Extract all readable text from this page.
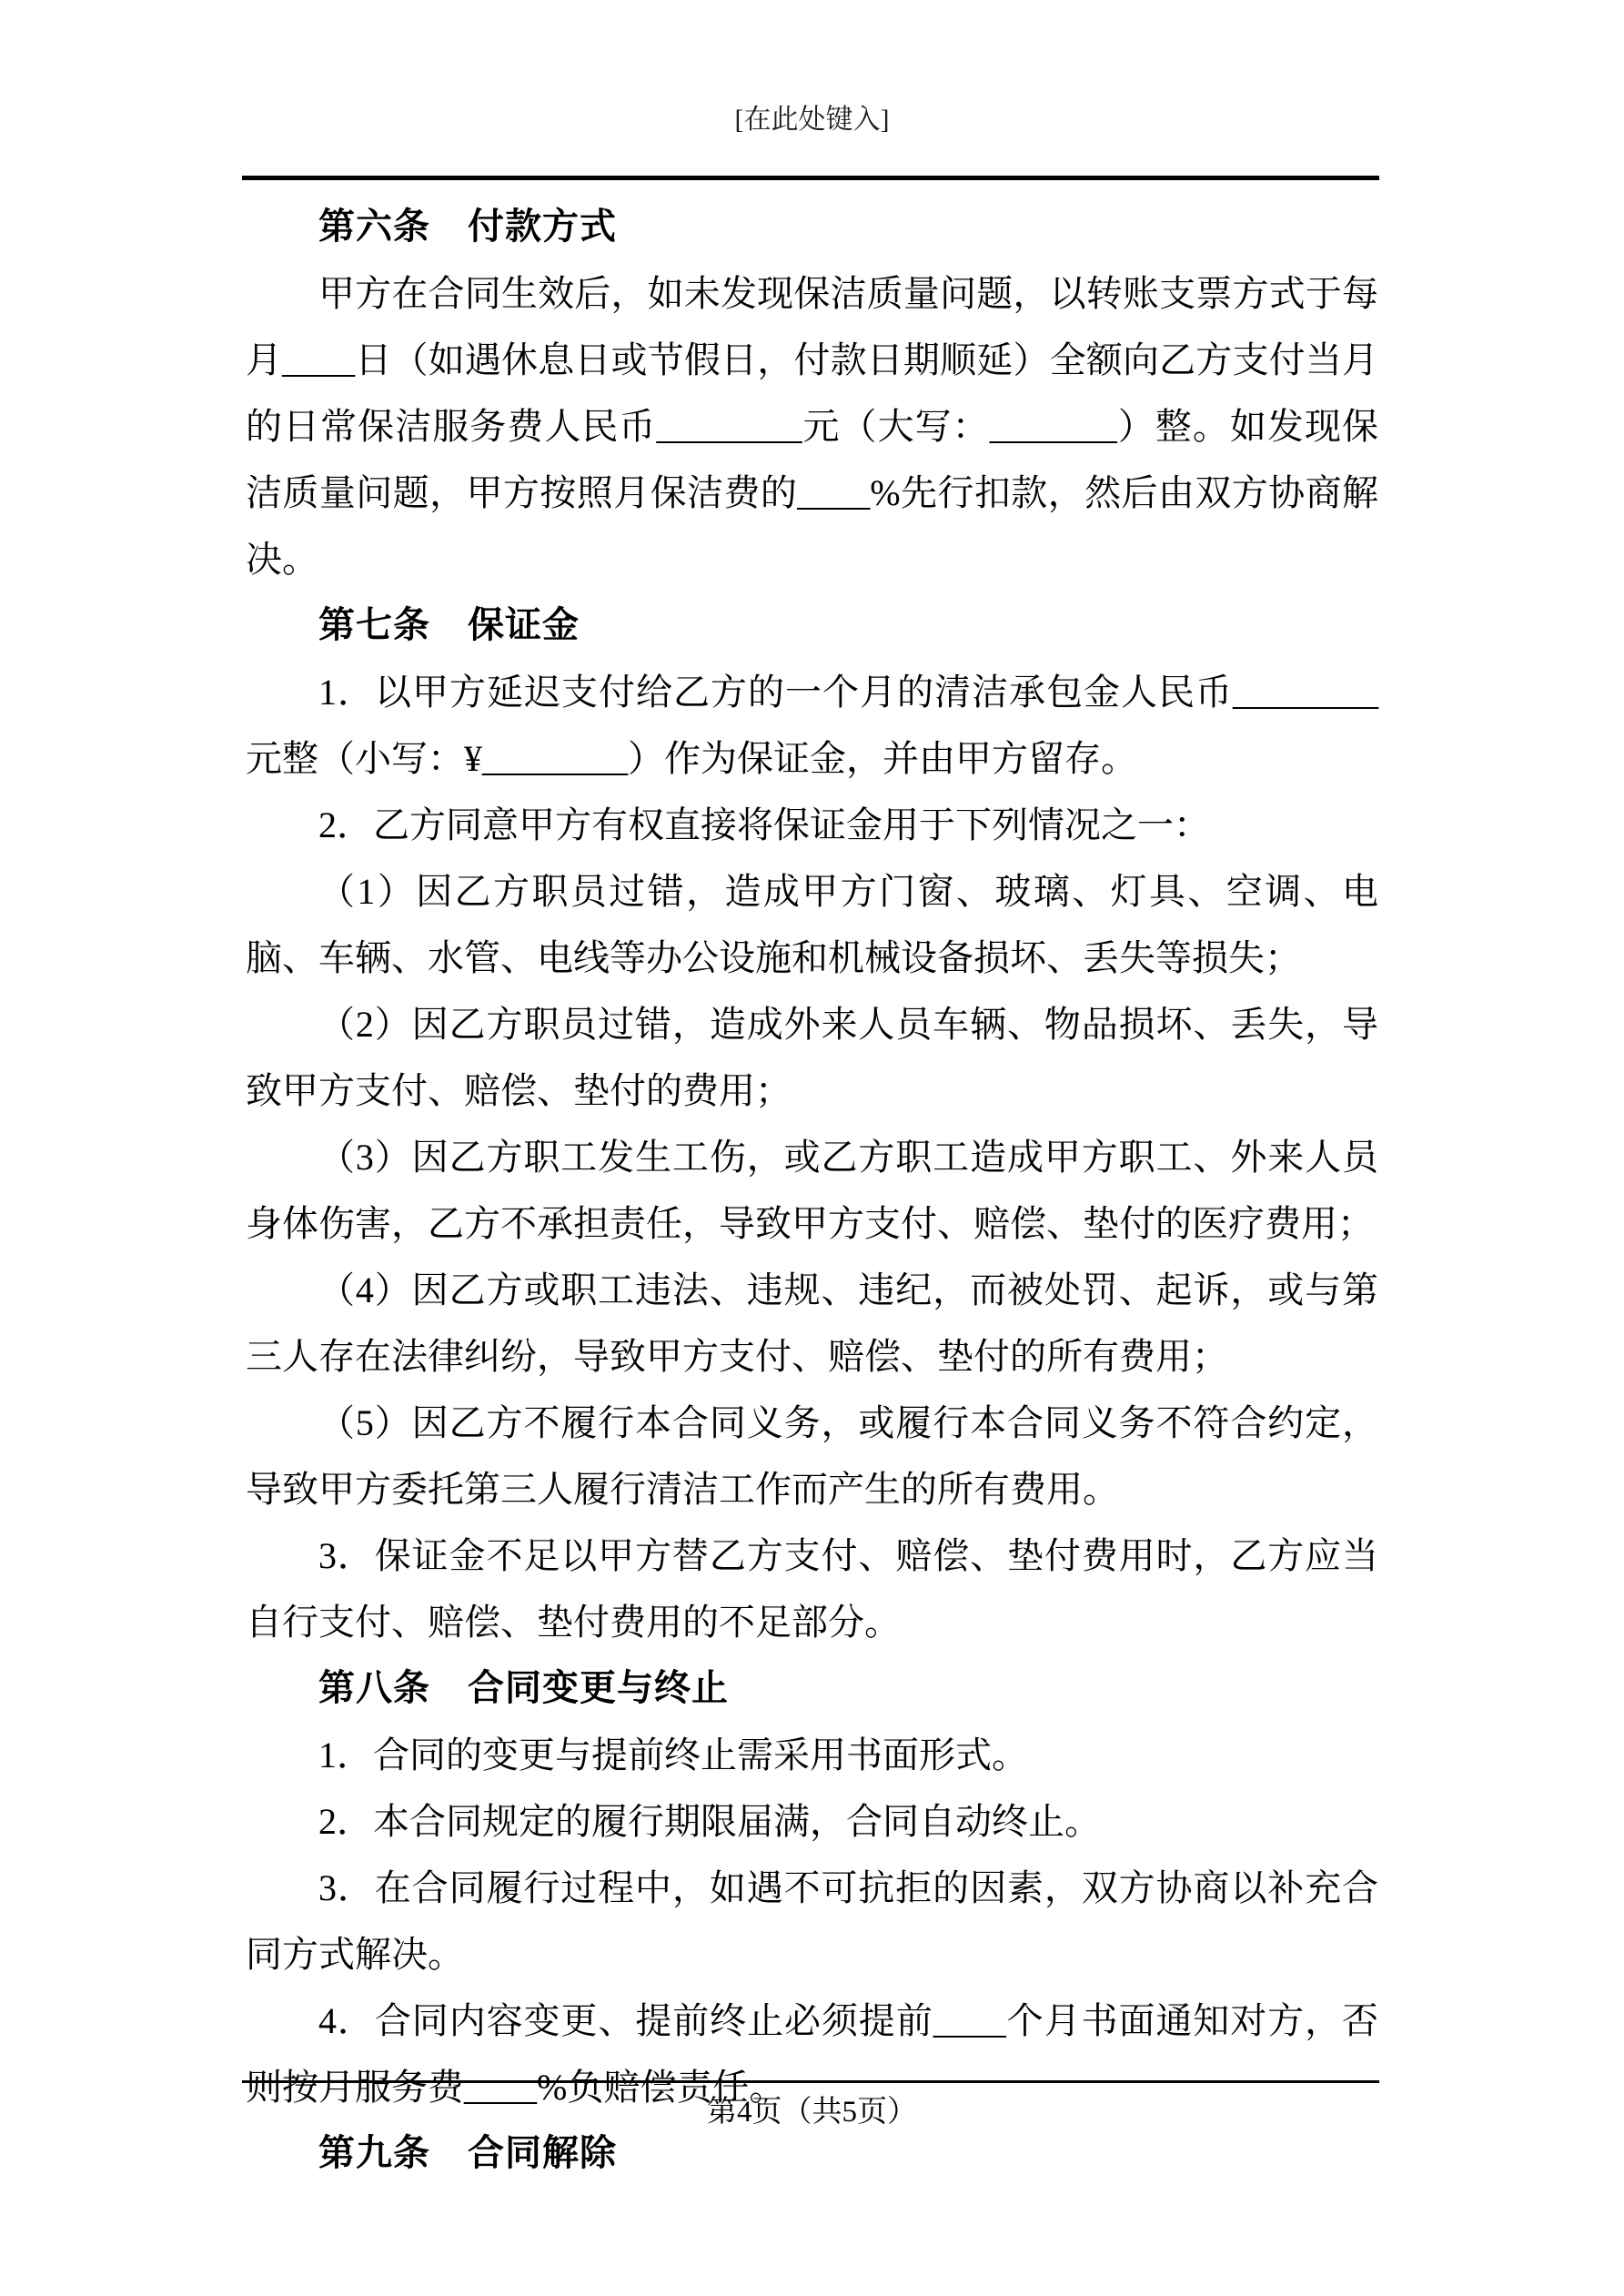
[在此处键入]

第六条　付款方式

甲方在合同生效后，如未发现保洁质量问题，以转账支票方式于每月____日（如遇休息日或节假日，付款日期顺延）全额向乙方支付当月的日常保洁服务费人民币________元（大写：_______）整。如发现保洁质量问题，甲方按照月保洁费的____%先行扣款，然后由双方协商解决。

第七条　保证金

1．以甲方延迟支付给乙方的一个月的清洁承包金人民币________元整（小写：¥________）作为保证金，并由甲方留存。

2．乙方同意甲方有权直接将保证金用于下列情况之一：

（1）因乙方职员过错，造成甲方门窗、玻璃、灯具、空调、电脑、车辆、水管、电线等办公设施和机械设备损坏、丢失等损失；

（2）因乙方职员过错，造成外来人员车辆、物品损坏、丢失，导致甲方支付、赔偿、垫付的费用；

（3）因乙方职工发生工伤，或乙方职工造成甲方职工、外来人员身体伤害，乙方不承担责任，导致甲方支付、赔偿、垫付的医疗费用；

（4）因乙方或职工违法、违规、违纪，而被处罚、起诉，或与第三人存在法律纠纷，导致甲方支付、赔偿、垫付的所有费用；

（5）因乙方不履行本合同义务，或履行本合同义务不符合约定，导致甲方委托第三人履行清洁工作而产生的所有费用。

3．保证金不足以甲方替乙方支付、赔偿、垫付费用时，乙方应当自行支付、赔偿、垫付费用的不足部分。

第八条　合同变更与终止

1．合同的变更与提前终止需采用书面形式。

2．本合同规定的履行期限届满，合同自动终止。

3．在合同履行过程中，如遇不可抗拒的因素，双方协商以补充合同方式解决。

4．合同内容变更、提前终止必须提前____个月书面通知对方，否则按月服务费____%负赔偿责任。

第九条　合同解除

第4页（共5页）
